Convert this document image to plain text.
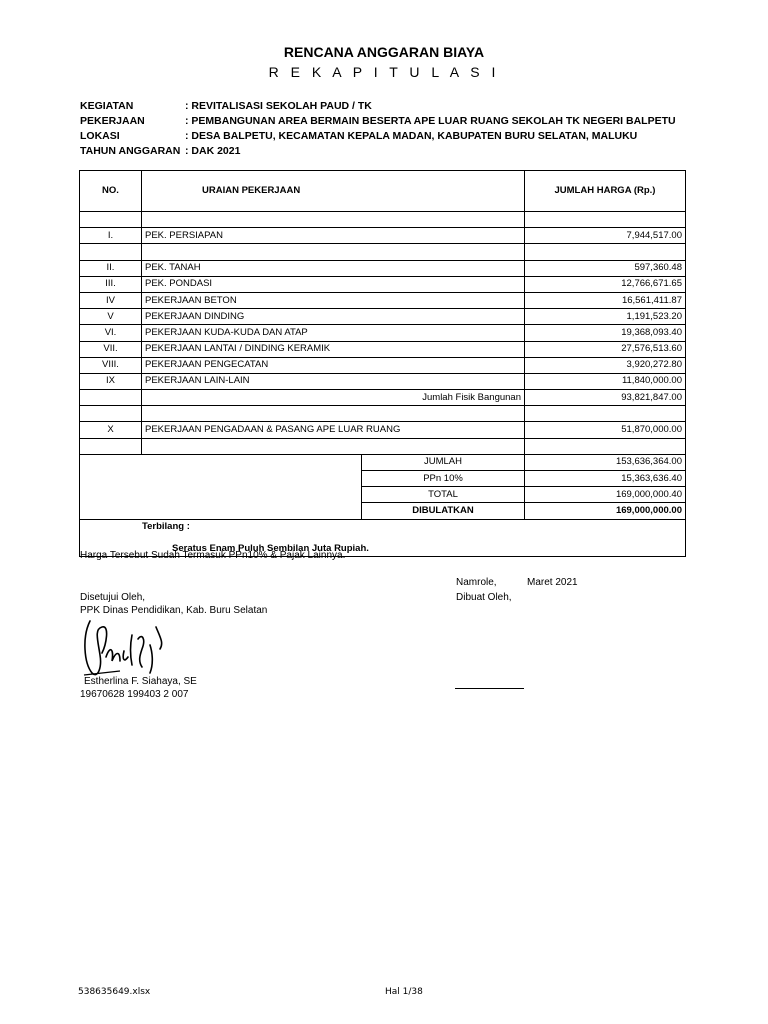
RENCANA ANGGARAN BIAYA
R E K A P I T U L A S I
KEGIATAN	: REVITALISASI SEKOLAH PAUD / TK
PEKERJAAN	: PEMBANGUNAN AREA BERMAIN BESERTA APE LUAR RUANG SEKOLAH TK NEGERI BALPETU
LOKASI	: DESA BALPETU, KECAMATAN KEPALA MADAN, KABUPATEN BURU SELATAN, MALUKU
TAHUN ANGGARAN : DAK 2021
NO.	URAIAN PEKERJAAN		JUMLAH HARGA (Rp.)

I.	PEK. PERSIAPAN		7,944,517.00

II.	PEK. TANAH		597,360.48
III.	PEK. PONDASI		12,766,671.65
IV	PEKERJAAN BETON		16,561,411.87
V	PEKERJAAN DINDING		1,191,523.20
VI.	PEKERJAAN KUDA-KUDA DAN ATAP		19,368,093.40
VII.	PEKERJAAN LANTAI / DINDING KERAMIK		27,576,513.60
VIII.	PEKERJAAN PENGECATAN		3,920,272.80
IX	PEKERJAAN LAIN-LAIN		11,840,000.00
	Jumlah Fisik Bangunan		93,821,847.00

X	PEKERJAAN PENGADAAN & PASANG APE LUAR RUANG		51,870,000.00

		JUMLAH	153,636,364.00
		PPn 10%	15,363,636.40
		TOTAL	169,000,000.40
		DIBULATKAN	169,000,000.00

Terbilang :
Seratus Enam Puluh Sembilan Juta Rupiah.			
Harga Tersebut Sudah Termasuk PPn10% & Pajak Lainnya.
Namrole,	Maret 2021
Disetujui Oleh,	Dibuat Oleh,
PPK Dinas Pendidikan, Kab. Buru Selatan
Estherlina F. Siahaya, SE
19670628 199403 2 007
538635649.xlsx	Hal 1/38
